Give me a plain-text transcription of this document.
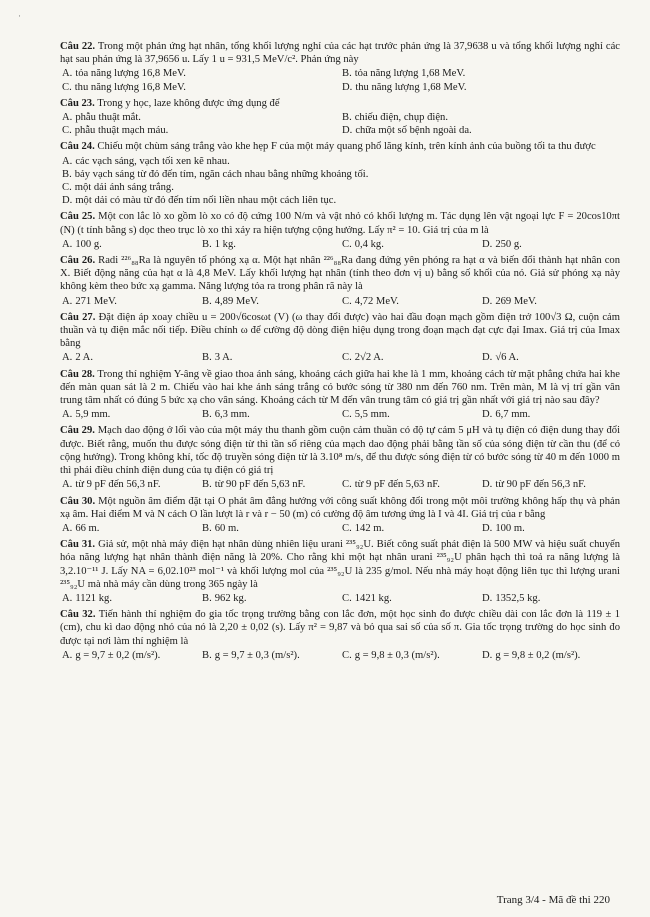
·

Câu 22. Trong một phản ứng hạt nhân, tổng khối lượng nghỉ của các hạt trước phản ứng là 37,9638 u và tổng khối lượng nghỉ các hạt sau phản ứng là 37,9656 u. Lấy 1 u = 931,5 MeV/c². Phản ứng này

A. tỏa năng lượng 16,8 MeV.	B. tỏa năng lượng 1,68 MeV.
C. thu năng lượng 16,8 MeV.	D. thu năng lượng 1,68 MeV.

Câu 23. Trong y học, laze không được ứng dụng để

A. phẫu thuật mắt.	B. chiếu điện, chụp điện.
C. phẫu thuật mạch máu.	D. chữa một số bệnh ngoài da.

Câu 24. Chiếu một chùm sáng trắng vào khe hẹp F của một máy quang phổ lăng kính, trên kính ảnh của buồng tối ta thu được

A. các vạch sáng, vạch tối xen kẽ nhau.
B. bảy vạch sáng từ đỏ đến tím, ngăn cách nhau bằng những khoảng tối.
C. một dải ánh sáng trắng.
D. một dải có màu từ đỏ đến tím nối liền nhau một cách liên tục.

Câu 25. Một con lắc lò xo gồm lò xo có độ cứng 100 N/m và vật nhỏ có khối lượng m. Tác dụng lên vật ngoại lực F = 20cos10πt (N) (t tính bằng s) dọc theo trục lò xo thì xảy ra hiện tượng cộng hưởng. Lấy π² = 10. Giá trị của m là

A. 100 g.	B. 1 kg.	C. 0,4 kg.	D. 250 g.

Câu 26. Radi ²²⁶₈₈Ra là nguyên tố phóng xạ α. Một hạt nhân ²²⁶₈₈Ra đang đứng yên phóng ra hạt α và biến đổi thành hạt nhân con X. Biết động năng của hạt α là 4,8 MeV. Lấy khối lượng hạt nhân (tính theo đơn vị u) bằng số khối của nó. Giả sử phóng xạ này không kèm theo bức xạ gamma. Năng lượng tỏa ra trong phân rã này là

A. 271 MeV.	B. 4,89 MeV.	C. 4,72 MeV.	D. 269 MeV.

Câu 27. Đặt điện áp xoay chiều u = 200√6cosωt (V) (ω thay đổi được) vào hai đầu đoạn mạch gồm điện trở 100√3 Ω, cuộn cảm thuần và tụ điện mắc nối tiếp. Điều chỉnh ω để cường độ dòng điện hiệu dụng trong đoạn mạch đạt cực đại Imax. Giá trị của Imax bằng

A. 2 A.	B. 3 A.	C. 2√2 A.	D. √6 A.

Câu 28. Trong thí nghiệm Y-âng về giao thoa ánh sáng, khoảng cách giữa hai khe là 1 mm, khoảng cách từ mặt phẳng chứa hai khe đến màn quan sát là 2 m. Chiếu vào hai khe ánh sáng trắng có bước sóng từ 380 nm đến 760 nm. Trên màn, M là vị trí gần vân trung tâm nhất có đúng 5 bức xạ cho vân sáng. Khoảng cách từ M đến vân trung tâm có giá trị gần nhất với giá trị nào sau đây?

A. 5,9 mm.	B. 6,3 mm.	C. 5,5 mm.	D. 6,7 mm.

Câu 29. Mạch dao động ở lối vào của một máy thu thanh gồm cuộn cảm thuần có độ tự cảm 5 μH và tụ điện có điện dung thay đổi được. Biết rằng, muốn thu được sóng điện từ thì tần số riêng của mạch dao động phải bằng tần số của sóng điện từ cần thu (để có cộng hưởng). Trong không khí, tốc độ truyền sóng điện từ là 3.10⁸ m/s, để thu được sóng điện từ có bước sóng từ 40 m đến 1000 m thì phải điều chỉnh điện dung của tụ điện có giá trị

A. từ 9 pF đến 56,3 nF.	B. từ 90 pF đến 5,63 nF.	C. từ 9 pF đến 5,63 nF.	D. từ 90 pF đến 56,3 nF.

Câu 30. Một nguồn âm điểm đặt tại O phát âm đẳng hướng với công suất không đổi trong một môi trường không hấp thụ và phản xạ âm. Hai điểm M và N cách O lần lượt là r và r − 50 (m) có cường độ âm tương ứng là I và 4I. Giá trị của r bằng

A. 66 m.	B. 60 m.	C. 142 m.	D. 100 m.

Câu 31. Giả sử, một nhà máy điện hạt nhân dùng nhiên liệu urani ²³⁵₉₂U. Biết công suất phát điện là 500 MW và hiệu suất chuyển hóa năng lượng hạt nhân thành điện năng là 20%. Cho rằng khi một hạt nhân urani ²³⁵₉₂U phân hạch thì toả ra năng lượng là 3,2.10⁻¹¹ J. Lấy NA = 6,02.10²³ mol⁻¹ và khối lượng mol của ²³⁵₉₂U là 235 g/mol. Nếu nhà máy hoạt động liên tục thì lượng urani ²³⁵₉₂U mà nhà máy cần dùng trong 365 ngày là

A. 1121 kg.	B. 962 kg.	C. 1421 kg.	D. 1352,5 kg.

Câu 32. Tiến hành thí nghiệm đo gia tốc trọng trường bằng con lắc đơn, một học sinh đo được chiều dài con lắc đơn là 119 ± 1 (cm), chu kì dao động nhỏ của nó là 2,20 ± 0,02 (s). Lấy π² = 9,87 và bỏ qua sai số của số π. Gia tốc trọng trường do học sinh đo được tại nơi làm thí nghiệm là

A. g = 9,7 ± 0,2 (m/s²).	B. g = 9,7 ± 0,3 (m/s²).	C. g = 9,8 ± 0,3 (m/s²).	D. g = 9,8 ± 0,2 (m/s²).
Trang 3/4 - Mã đề thi 220
